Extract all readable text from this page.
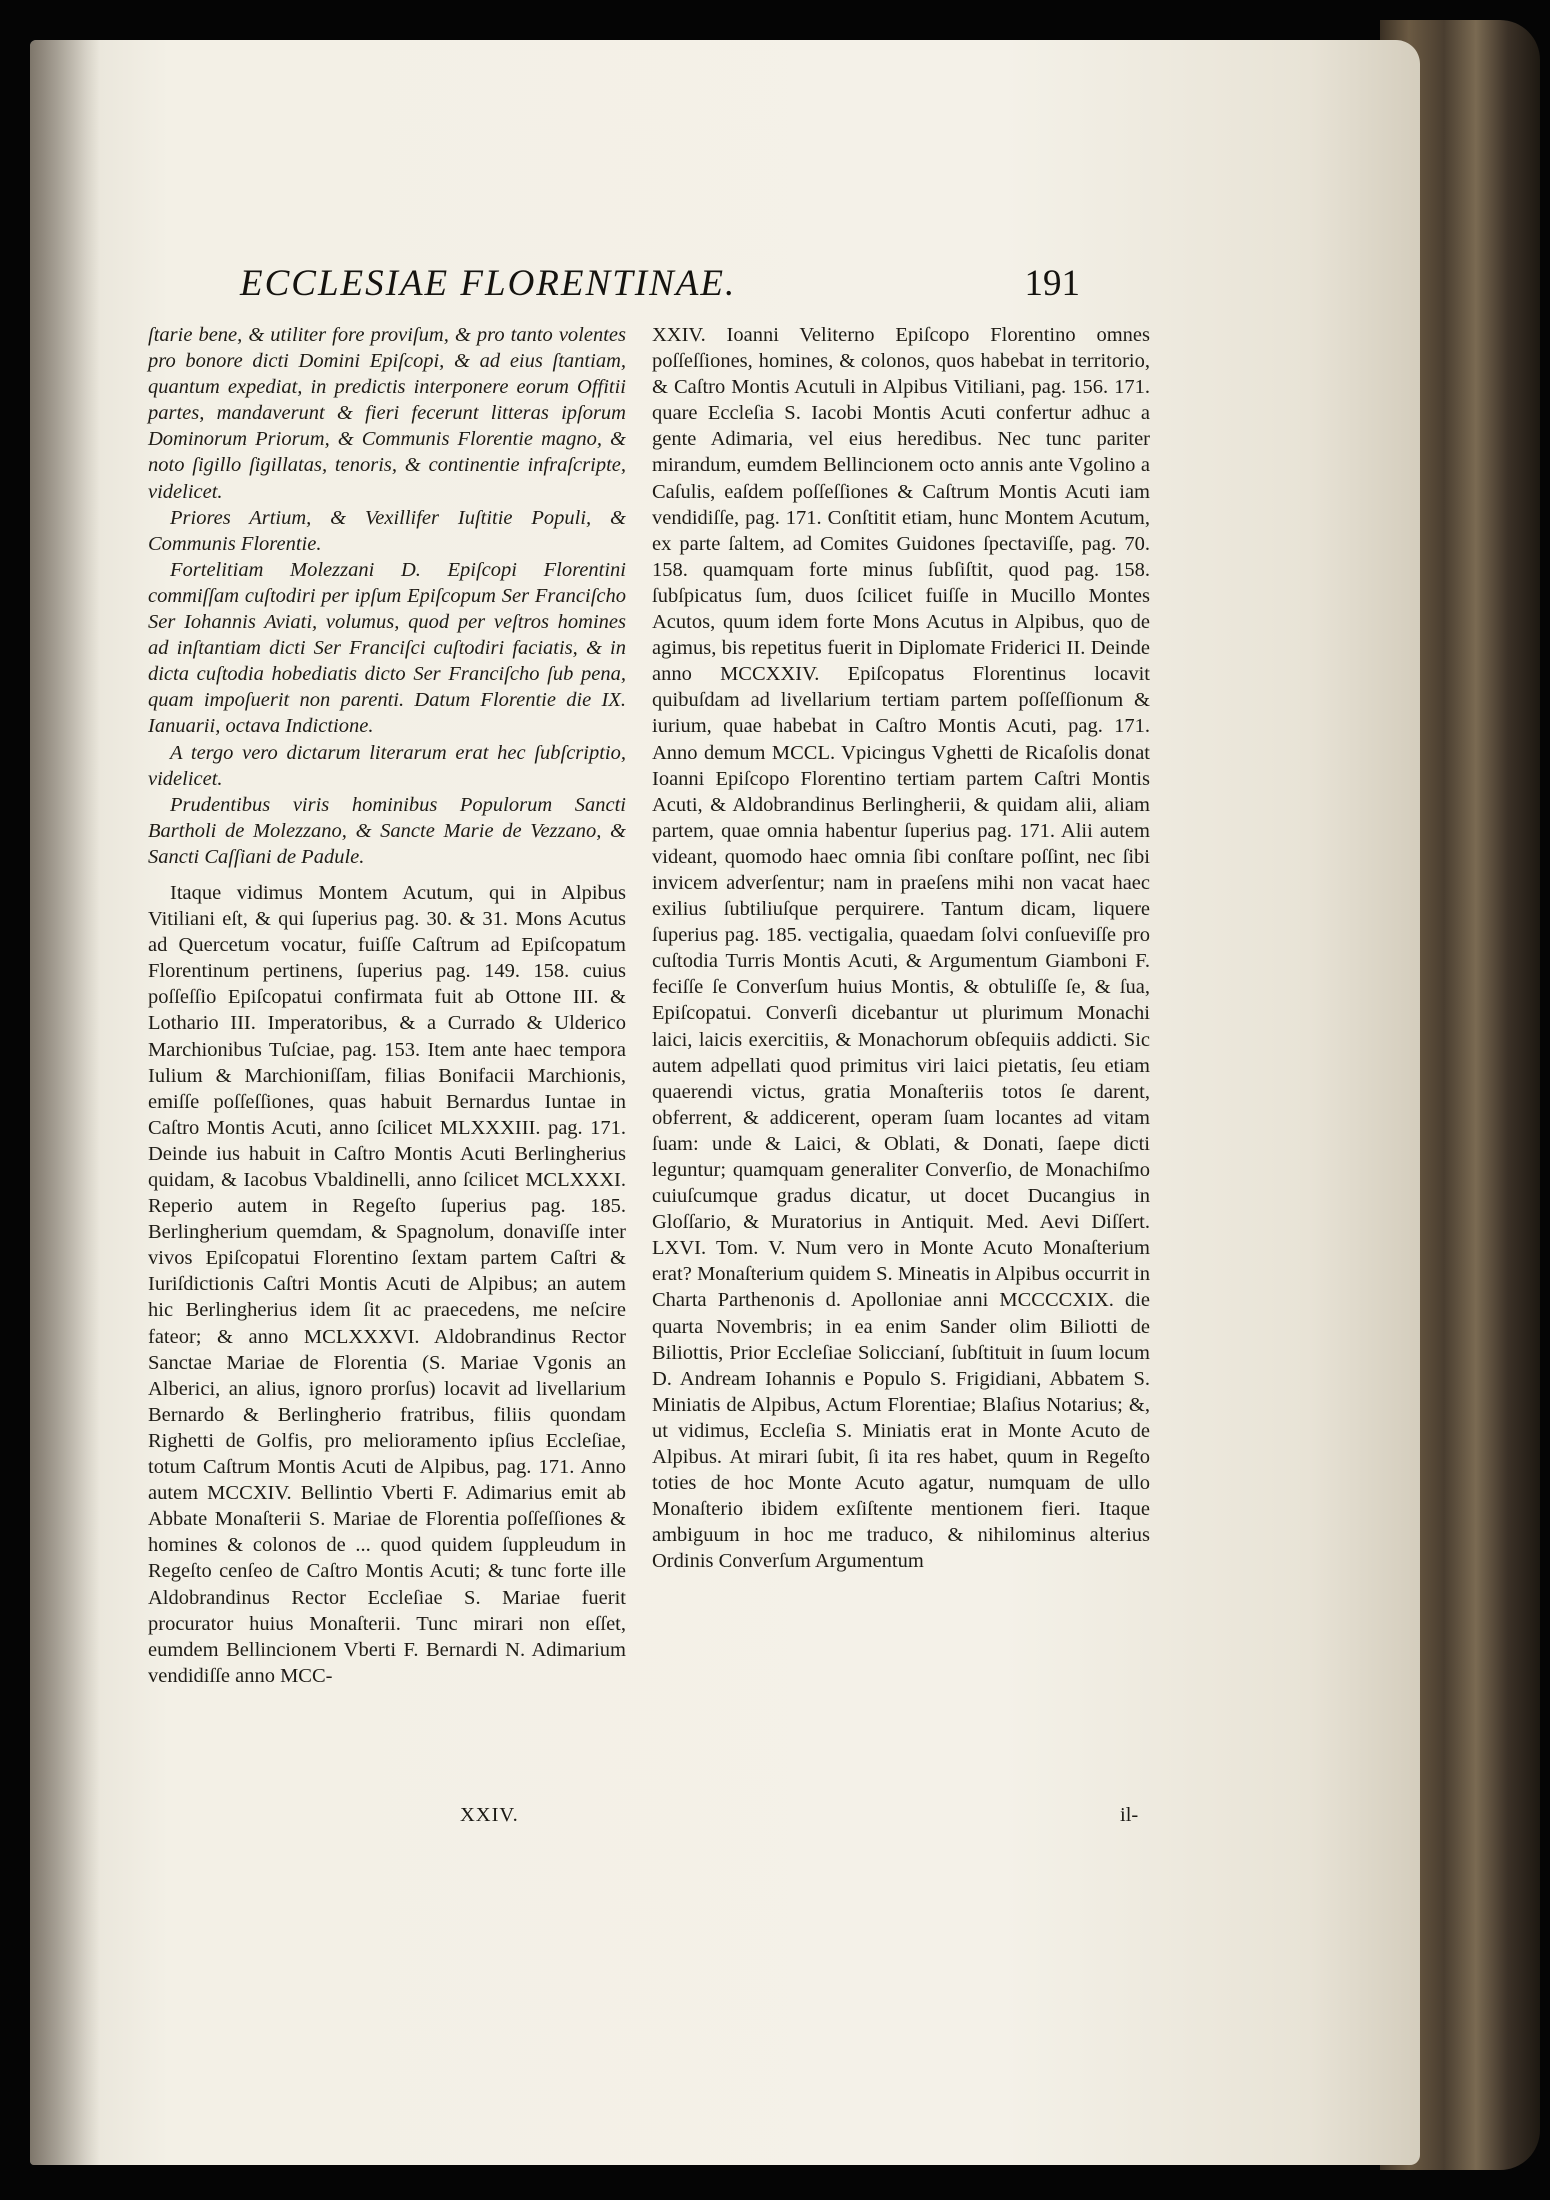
ECCLESIAE FLORENTINAE.	191

ſtarie bene, & utiliter fore proviſum, & pro tanto volentes pro bonore dicti Domini Epiſcopi, & ad eius ſtantiam, quantum expediat, in predictis interponere eorum Offitii partes, mandaverunt & fieri fecerunt litteras ipſorum Dominorum Priorum, & Communis Florentie magno, & noto ſigillo ſigillatas, tenoris, & continentie infraſcripte, videlicet.

Priores Artium, & Vexillifer Iuſtitie Populi, & Communis Florentie.

Fortelitiam Molezzani D. Epiſcopi Florentini commiſſam cuſtodiri per ipſum Epiſcopum Ser Franciſcho Ser Iohannis Aviati, volumus, quod per veſtros homines ad inſtantiam dicti Ser Franciſci cuſtodiri faciatis, & in dicta cuſtodia hobediatis dicto Ser Franciſcho ſub pena, quam impoſuerit non parenti. Datum Florentie die IX. Ianuarii, octava Indictione.

A tergo vero dictarum literarum erat hec ſubſcriptio, videlicet.

Prudentibus viris hominibus Populorum Sancti Bartholi de Molezzano, & Sancte Marie de Vezzano, & Sancti Caſſiani de Padule.

Itaque vidimus Montem Acutum, qui in Alpibus Vitiliani eſt, & qui ſuperius pag. 30. & 31. Mons Acutus ad Quercetum vocatur, fuiſſe Caſtrum ad Epiſcopatum Florentinum pertinens, ſuperius pag. 149. 158. cuius poſſeſſio Epiſcopatui confirmata fuit ab Ottone III. & Lothario III. Imperatoribus, & a Currado & Ulderico Marchionibus Tuſciae, pag. 153. Item ante haec tempora Iulium & Marchioniſſam, filias Bonifacii Marchionis, emiſſe poſſeſſiones, quas habuit Bernardus Iuntae in Caſtro Montis Acuti, anno ſcilicet MLXXXIII. pag. 171. Deinde ius habuit in Caſtro Montis Acuti Berlingherius quidam, & Iacobus Vbaldinelli, anno ſcilicet MCLXXXI. Reperio autem in Regeſto ſuperius pag. 185. Berlingherium quemdam, & Spagnolum, donaviſſe inter vivos Epiſcopatui Florentino ſextam partem Caſtri & Iuriſdictionis Caſtri Montis Acuti de Alpibus; an autem hic Berlingherius idem ſit ac praecedens, me neſcire fateor; & anno MCLXXXVI. Aldobrandinus Rector Sanctae Mariae de Florentia (S. Mariae Vgonis an Alberici, an alius, ignoro prorſus) locavit ad livellarium Bernardo & Berlingherio fratribus, filiis quondam Righetti de Golfis, pro melioramento ipſius Eccleſiae, totum Caſtrum Montis Acuti de Alpibus, pag. 171. Anno autem MCCXIV. Bellintio Vberti F. Adimarius emit ab Abbate Monaſterii S. Mariae de Florentia poſſeſſiones & homines & colonos de ... quod quidem ſuppleudum in Regeſto cenſeo de Caſtro Montis Acuti; & tunc forte ille Aldobrandinus Rector Eccleſiae S. Mariae fuerit procurator huius Monaſterii. Tunc mirari non eſſet, eumdem Bellincionem Vberti F. Bernardi N. Adimarium vendidiſſe anno MCC-

XXIV. Ioanni Veliterno Epiſcopo Florentino omnes poſſeſſiones, homines, & colonos, quos habebat in territorio, & Caſtro Montis Acutuli in Alpibus Vitiliani, pag. 156. 171. quare Eccleſia S. Iacobi Montis Acuti confertur adhuc a gente Adimaria, vel eius heredibus. Nec tunc pariter mirandum, eumdem Bellincionem octo annis ante Vgolino a Caſulis, eaſdem poſſeſſiones & Caſtrum Montis Acuti iam vendidiſſe, pag. 171. Conſtitit etiam, hunc Montem Acutum, ex parte ſaltem, ad Comites Guidones ſpectaviſſe, pag. 70. 158. quamquam forte minus ſubſiſtit, quod pag. 158. ſubſpicatus ſum, duos ſcilicet fuiſſe in Mucillo Montes Acutos, quum idem forte Mons Acutus in Alpibus, quo de agimus, bis repetitus fuerit in Diplomate Friderici II. Deinde anno MCCXXIV. Epiſcopatus Florentinus locavit quibuſdam ad livellarium tertiam partem poſſeſſionum & iurium, quae habebat in Caſtro Montis Acuti, pag. 171. Anno demum MCCL. Vpicingus Vghetti de Ricaſolis donat Ioanni Epiſcopo Florentino tertiam partem Caſtri Montis Acuti, & Aldobrandinus Berlingherii, & quidam alii, aliam partem, quae omnia habentur ſuperius pag. 171. Alii autem videant, quomodo haec omnia ſibi conſtare poſſint, nec ſibi invicem adverſentur; nam in praeſens mihi non vacat haec exilius ſubtiliuſque perquirere. Tantum dicam, liquere ſuperius pag. 185. vectigalia, quaedam ſolvi conſueviſſe pro cuſtodia Turris Montis Acuti, & Argumentum Giamboni F. feciſſe ſe Converſum huius Montis, & obtuliſſe ſe, & ſua, Epiſcopatui. Converſi dicebantur ut plurimum Monachi laici, laicis exercitiis, & Monachorum obſequiis addicti. Sic autem adpellati quod primitus viri laici pietatis, ſeu etiam quaerendi victus, gratia Monaſteriis totos ſe darent, obferrent, & addicerent, operam ſuam locantes ad vitam ſuam: unde & Laici, & Oblati, & Donati, ſaepe dicti leguntur; quamquam generaliter Converſio, de Monachiſmo cuiuſcumque gradus dicatur, ut docet Ducangius in Gloſſario, & Muratorius in Antiquit. Med. Aevi Diſſert. LXVI. Tom. V. Num vero in Monte Acuto Monaſterium erat? Monaſterium quidem S. Mineatis in Alpibus occurrit in Charta Parthenonis d. Apolloniae anni MCCCCXIX. die quarta Novembris; in ea enim Sander olim Biliotti de Biliottis, Prior Eccleſiae Soliccianí, ſubſtituit in ſuum locum D. Andream Iohannis e Populo S. Frigidiani, Abbatem S. Miniatis de Alpibus, Actum Florentiae; Blaſius Notarius; &, ut vidimus, Eccleſia S. Miniatis erat in Monte Acuto de Alpibus. At mirari ſubit, ſi ita res habet, quum in Regeſto toties de hoc Monte Acuto agatur, numquam de ullo Monaſterio ibidem exſiſtente mentionem fieri. Itaque ambiguum in hoc me traduco, & nihilominus alterius Ordinis Converſum Argumentum

XXIV.	il-
